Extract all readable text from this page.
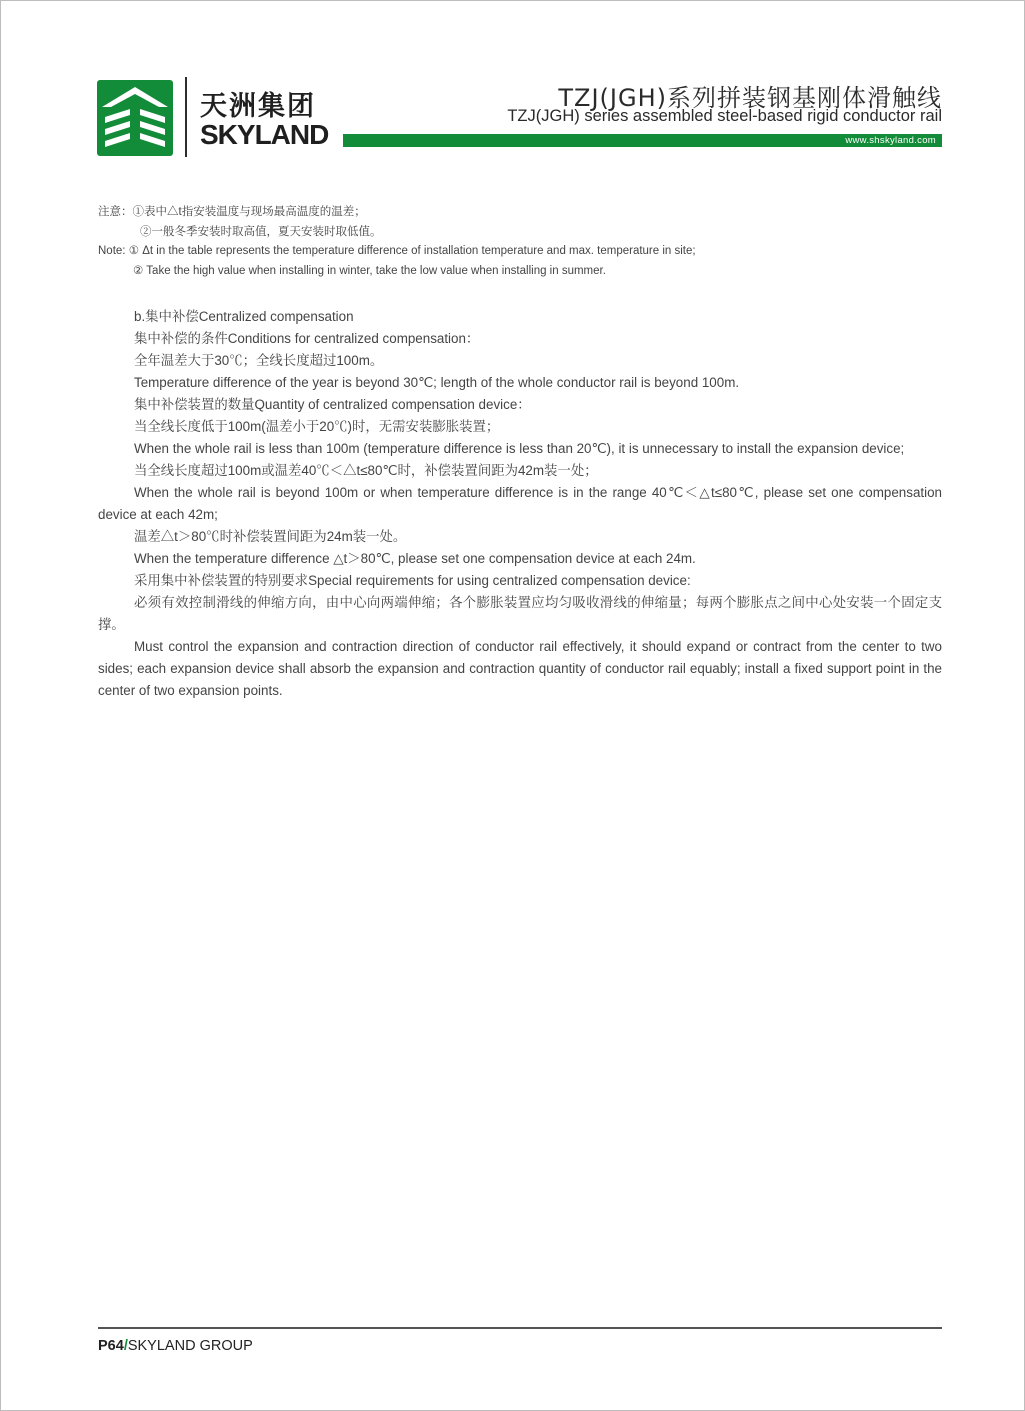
天洲集团
SKYLAND
TZJ(JGH)系列拼装钢基刚体滑触线
TZJ(JGH) series assembled steel-based rigid conductor rail
www.shskyland.com
注意：①表中△t指安装温度与现场最高温度的温差；
②一般冬季安装时取高值，夏天安装时取低值。
Note: ① Δt in the table represents the temperature difference of installation temperature and max. temperature in site;
② Take the high value when installing in winter, take the low value when installing in summer.

b.集中补偿Centralized compensation

集中补偿的条件Conditions for centralized compensation：

全年温差大于30℃；全线长度超过100m。

Temperature difference of the year is beyond 30℃; length of the whole conductor rail is beyond 100m.

集中补偿装置的数量Quantity of centralized compensation device：

当全线长度低于100m(温差小于20℃)时，无需安装膨胀装置；

When the whole rail is less than 100m (temperature difference is less than 20℃), it is unnecessary to install the expansion device;

当全线长度超过100m或温差40℃＜△t≤80℃时，补偿装置间距为42m装一处；

When the whole rail is beyond 100m or when temperature difference is in the range 40℃＜△t≤80℃, please set one compensation device at each 42m;

温差△t＞80℃时补偿装置间距为24m装一处。

When the temperature difference △t＞80℃, please set one compensation device at each 24m.

采用集中补偿装置的特别要求Special requirements for using centralized compensation device:

必须有效控制滑线的伸缩方向，由中心向两端伸缩；各个膨胀装置应均匀吸收滑线的伸缩量；每两个膨胀点之间中心处安装一个固定支撑。

Must control the expansion and contraction direction of conductor rail effectively, it should expand or contract from the center to two sides; each expansion device shall absorb the expansion and contraction quantity of conductor rail equably; install a fixed support point in the center of two expansion points.

P64/SKYLAND GROUP
